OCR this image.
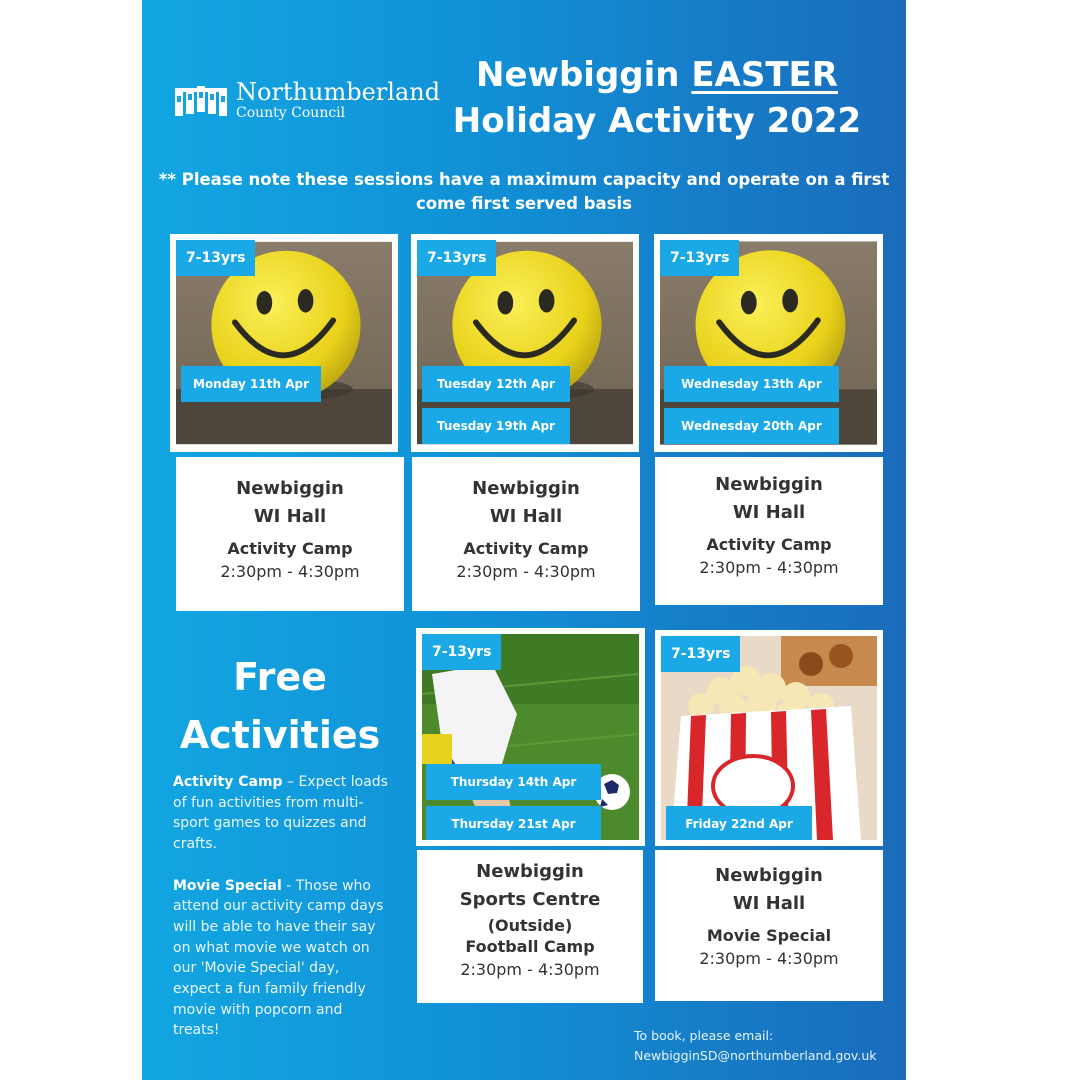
Northumberland
County Council
Newbiggin EASTER
Holiday Activity 2022
** Please note these sessions have a maximum capacity and operate on a first come first served basis
7-13yrs
Monday 11th Apr
Newbiggin
WI Hall
Activity Camp
2:30pm - 4:30pm
7-13yrs
Tuesday 12th Apr
Tuesday 19th Apr
Newbiggin
WI Hall
Activity Camp
2:30pm - 4:30pm
7-13yrs
Wednesday 13th Apr
Wednesday 20th Apr
Newbiggin
WI Hall
Activity Camp
2:30pm - 4:30pm
Free
Activities

Activity Camp – Expect loads of fun activities from multi-sport games to quizzes and crafts.

Movie Special - Those who attend our activity camp days will be able to have their say on what movie we watch on our 'Movie Special' day, expect a fun family friendly movie with popcorn and treats!

7-13yrs
Thursday 14th Apr
Thursday 21st Apr
Newbiggin
Sports Centre
(Outside)
Football Camp
2:30pm - 4:30pm
7-13yrs
Friday 22nd Apr
Newbiggin
WI Hall
Movie Special
2:30pm - 4:30pm
To book, please email:
NewbigginSD@northumberland.gov.uk
